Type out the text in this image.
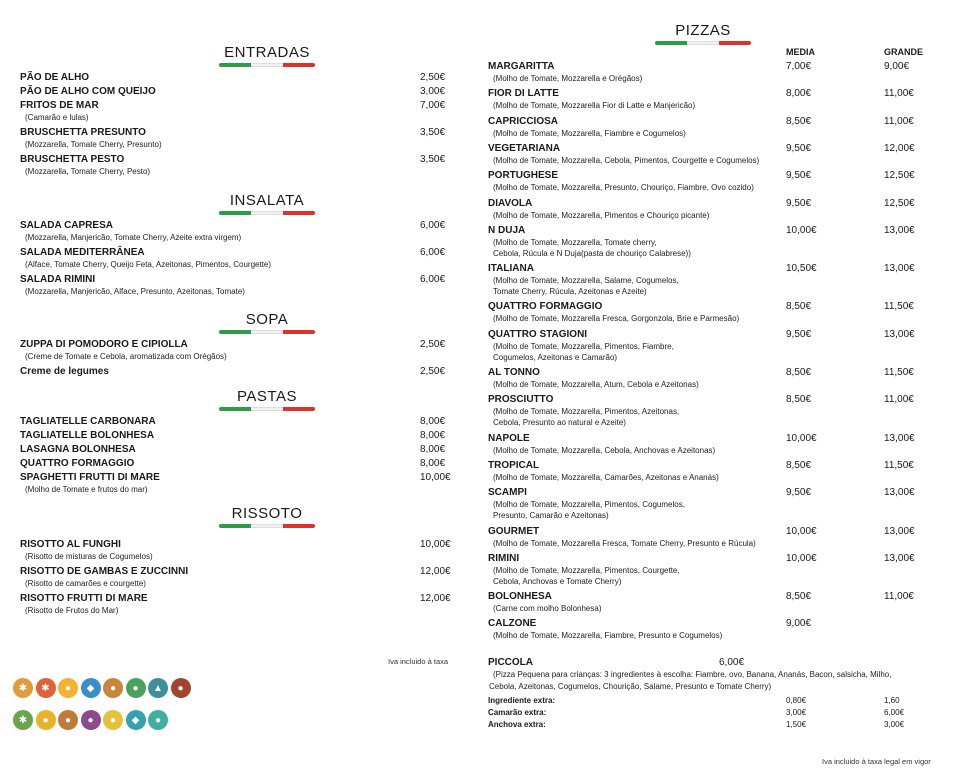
ENTRADAS
PÃO DE ALHO	2,50€
PÃO DE ALHO COM QUEIJO	3,00€
FRITOS DE MAR	7,00€
(Camarão e lulas)
BRUSCHETTA PRESUNTO	3,50€
(Mozzarella, Tomate Cherry, Presunto)
BRUSCHETTA PESTO	3,50€
(Mozzarella, Tomate Cherry, Pesto)
INSALATA
SALADA CAPRESA	6,00€
(Mozzarella, Manjericão, Tomate Cherry, Azeite extra virgem)
SALADA MEDITERRÂNEA	6,00€
(Alface, Tomate Cherry, Queijo Feta, Azeitonas, Pimentos, Courgette)
SALADA RIMINI	6,00€
(Mozzarella, Manjericão, Alface, Presunto, Azeitonas, Tomate)
SOPA
ZUPPA DI POMODORO E CIPIOLLA	2,50€
(Creme de Tomate e Cebola, aromatizada com Orégãos)
Creme de legumes	2,50€
PASTAS
TAGLIATELLE CARBONARA	8,00€
TAGLIATELLE BOLONHESA	8,00€
LASAGNA BOLONHESA	8,00€
QUATTRO FORMAGGIO	8,00€
SPAGHETTI FRUTTI DI MARE	10,00€
(Molho de Tomate e frutos do mar)
RISSOTO
RISOTTO AL FUNGHI	10,00€
(Risotto de misturas de Cogumelos)
RISOTTO DE GAMBAS E ZUCCINNI	12,00€
(Risotto de camarões e courgette)
RISOTTO FRUTTI DI MARE	12,00€
(Risotto de Frutos do Mar)
Iva incluido à taxa
✱	✱	●	◆	●	●	▲	●
✱	●	●	●	●	◆	●
PIZZAS
MEDIA	GRANDE
MARGARITTA	7,00€	9,00€
(Molho de Tomate, Mozzarella e Orégãos)
FIOR DI LATTE	8,00€	11,00€
(Molho de Tomate, Mozzarella Fior di Latte e Manjericão)
CAPRICCIOSA	8,50€	11,00€
(Molho de Tomate, Mozzarella, Fiambre e Cogumelos)
VEGETARIANA	9,50€	12,00€
(Molho de Tomate, Mozzarella, Cebola, Pimentos, Courgette e Cogumelos)
PORTUGHESE	9,50€	12,50€
(Molho de Tomate, Mozzarella, Presunto, Chouriço, Fiambre, Ovo cozido)
DIAVOLA	9,50€	12,50€
(Molho de Tomate, Mozzarella, Pimentos e Chouriço picante)
N DUJA	10,00€	13,00€
(Molho de Tomate, Mozzarella, Tomate cherry,
Cebola, Rúcula e N Duja(pasta de chouriço Calabrese))
ITALIANA	10,50€	13,00€
(Molho de Tomate, Mozzarella, Salame, Cogumelos,
Tomate Cherry, Rúcula, Azeitonas e Azeite)
QUATTRO FORMAGGIO	8,50€	11,50€
(Molho de Tomate, Mozzarella Fresca, Gorgonzola, Brie e Parmesão)
QUATTRO STAGIONI	9,50€	13,00€
(Molho de Tomate, Mozzarella, Pimentos, Fiambre,
Cogumelos, Azeitonas e Camarão)
AL TONNO	8,50€	11,50€
(Molho de Tomate, Mozzarella, Atum, Cebola e Azeitonas)
PROSCIUTTO	8,50€	11,00€
(Molho de Tomate, Mozzarella, Pimentos, Azeitonas,
Cebola, Presunto ao natural e Azeite)
NAPOLE	10,00€	13,00€
(Molho de Tomate, Mozzarella, Cebola, Anchovas e Azeitonas)
TROPICAL	8,50€	11,50€
(Molho de Tomate, Mozzarella, Camarões, Azeitonas e Ananás)
SCAMPI	9,50€	13,00€
(Molho de Tomate, Mozzarella, Pimentos, Cogumelos,
Presunto, Camarão e Azeitonas)
GOURMET	10,00€	13,00€
(Molho de Tomate, Mozzarella Fresca, Tomate Cherry, Presunto e Rúcula)
RIMINI	10,00€	13,00€
(Molho de Tomate, Mozzarella, Pimentos, Courgette,
Cebola, Anchovas e Tomate Cherry)
BOLONHESA	8,50€	11,00€
(Carne com molho Bolonhesa)
CALZONE	9,00€
(Molho de Tomate, Mozzarella, Fiambre, Presunto e Cogumelos)
PICCOLA	6,00€
(Pizza Pequena para crianças: 3 ingredientes à escolha: Fiambre, ovo, Banana, Ananás, Bacon, salsicha, Milho,
Cebola, Azeitonas, Cogumelos, Chourição, Salame, Presunto e Tomate Cherry)
Ingrediente extra:	0,80€	1,60
Camarão extra:	3,00€	6,00€
Anchova extra:	1,50€	3,00€
Iva incluido à taxa legal em vigor
